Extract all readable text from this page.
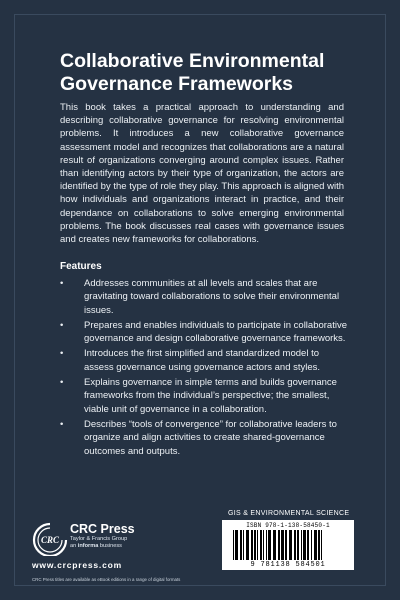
Collaborative Environmental Governance Frameworks

This book takes a practical approach to understanding and describing collaborative governance for resolving environmental problems. It introduces a new collaborative governance assessment model and recognizes that collaborations are a natural result of organizations converging around complex issues. Rather than identifying actors by their type of organization, the actors are identified by the type of role they play. This approach is aligned with how individuals and organizations interact in practice, and their dependance on collaborations to solve emerging environmental problems. The book discusses real cases with governance issues and creates new frameworks for collaborations.

Features
• Addresses communities at all levels and scales that are gravitating toward collaborations to solve their environmental issues.
• Prepares and enables individuals to participate in collaborative governance and design collaborative governance frameworks.
• Introduces the first simplified and standardized model to assess governance using governance actors and styles.
• Explains governance in simple terms and builds governance frameworks from the individual’s perspective; the smallest, viable unit of governance in a collaboration.
• Describes “tools of convergence” for collaborative leaders to organize and align activities to create shared-governance outcomes and outputs.
GIS & ENVIRONMENTAL SCIENCE
ISBN 978-1-138-58450-1
9 781138 584501
CRC
CRC Press
Taylor & Francis Group
an informa business
www.crcpress.com
CRC Press titles are available as eBook editions in a range of digital formats
